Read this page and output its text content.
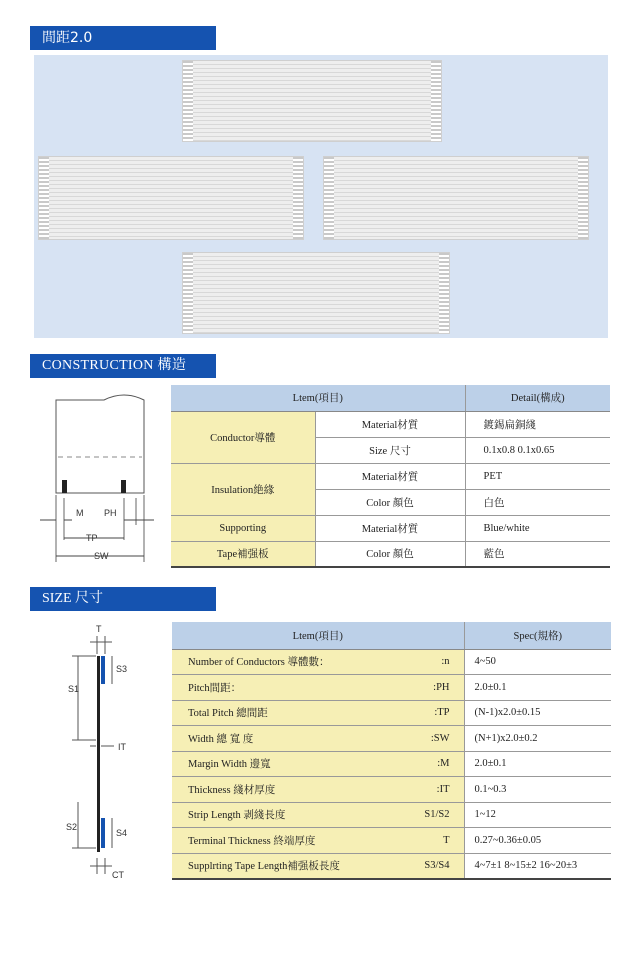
間距2.0
CONSTRUCTION 構造
SIZE 尺寸
M PH
TP
SW
T
S3
S1
IT
S2
S4
CT
Ltem(項目)		Detail(構成)
Conductor導體	Material材質	鍍錫扁銅綫
	Size 尺寸	0.1x0.8 0.1x0.65
Insulation絶緣	Material材質	PET
	Color 顏色	白色
Supporting	Material材質	Blue/white
Tape補强板	Color 顏色	藍色
Ltem(項目)		Spec(規格)
Number of Conductors 導體數：	:n	4~50
Pitch間距：	:PH	2.0±0.1
Total Pitch 總間距	:TP	(N-1)x2.0±0.15
Width 總 寬 度	:SW	(N+1)x2.0±0.2
Margin Width 邊寬	:M	2.0±0.1
Thickness 綫材厚度	:IT	0.1~0.3
Strip Length 剥綫長度	S1/S2	1~12
Terminal Thickness 終端厚度	T	0.27~0.36±0.05
Supplrting Tape Length補强板長度	S3/S4	4~7±1 8~15±2 16~20±3
